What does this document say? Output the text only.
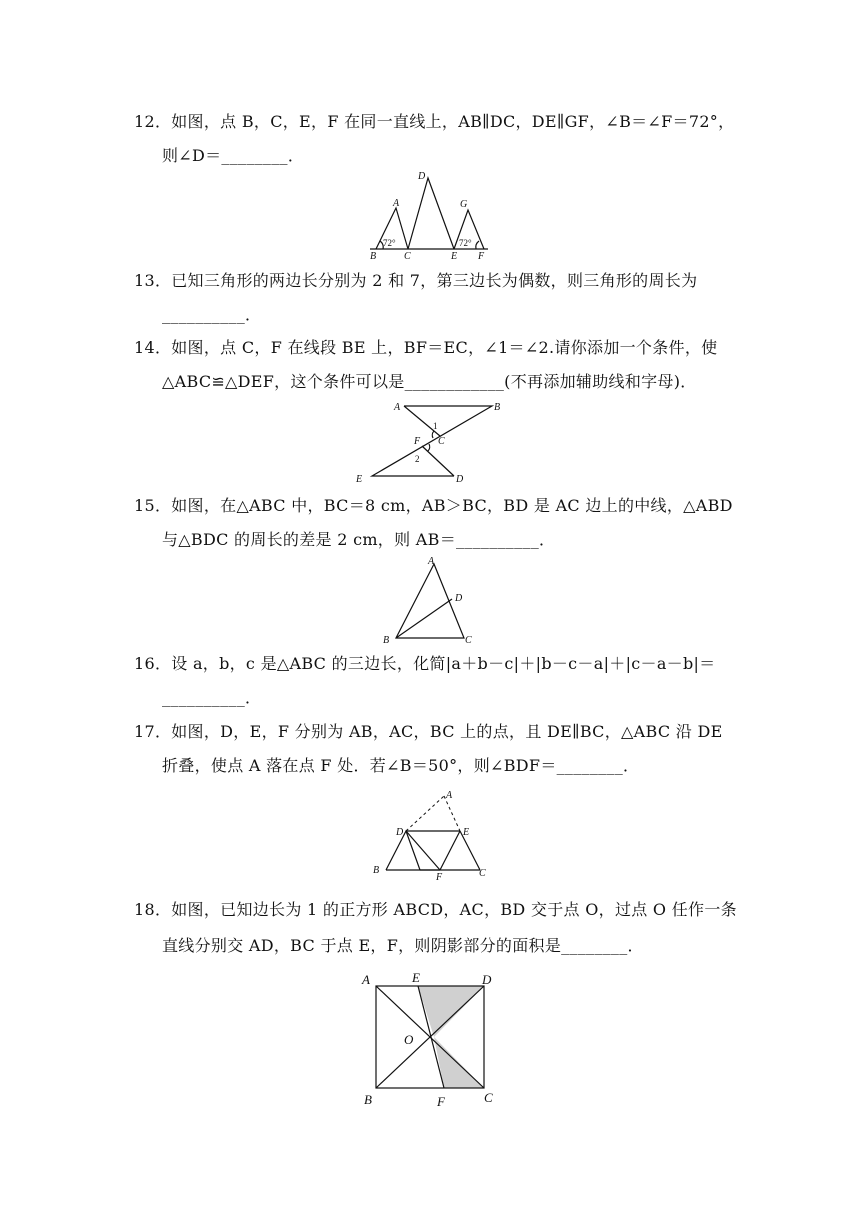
12．如图，点 B，C，E，F 在同一直线上，AB∥DC，DE∥GF，∠B＝∠F＝72°，
则∠D＝________．
A
D
G
B	C	E F
72°	72°
13．已知三角形的两边长分别为 2 和 7，第三边长为偶数，则三角形的周长为
__________．
14．如图，点 C，F 在线段 BE 上，BF＝EC，∠1＝∠2.请你添加一个条件，使
△ABC≌△DEF，这个条件可以是____________(不再添加辅助线和字母)．
A	B
C
F
E	D
1
2
15．如图，在△ABC 中，BC＝8 cm，AB＞BC，BD 是 AC 边上的中线，△ABD
与△BDC 的周长的差是 2 cm，则 AB＝__________．
A
D
B	C
16．设 a，b，c 是△ABC 的三边长，化简|a＋b－c|＋|b－c－a|＋|c－a－b|＝
__________．
17．如图，D，E，F 分别为 AB，AC，BC 上的点，且 DE∥BC，△ABC 沿 DE
折叠，使点 A 落在点 F 处．若∠B＝50°，则∠BDF＝________．
A
D	E
B
F	C
18．如图，已知边长为 1 的正方形 ABCD，AC，BD 交于点 O，过点 O 任作一条
直线分别交 AD，BC 于点 E，F，则阴影部分的面积是________．
A	E	D
O
B	F	C
